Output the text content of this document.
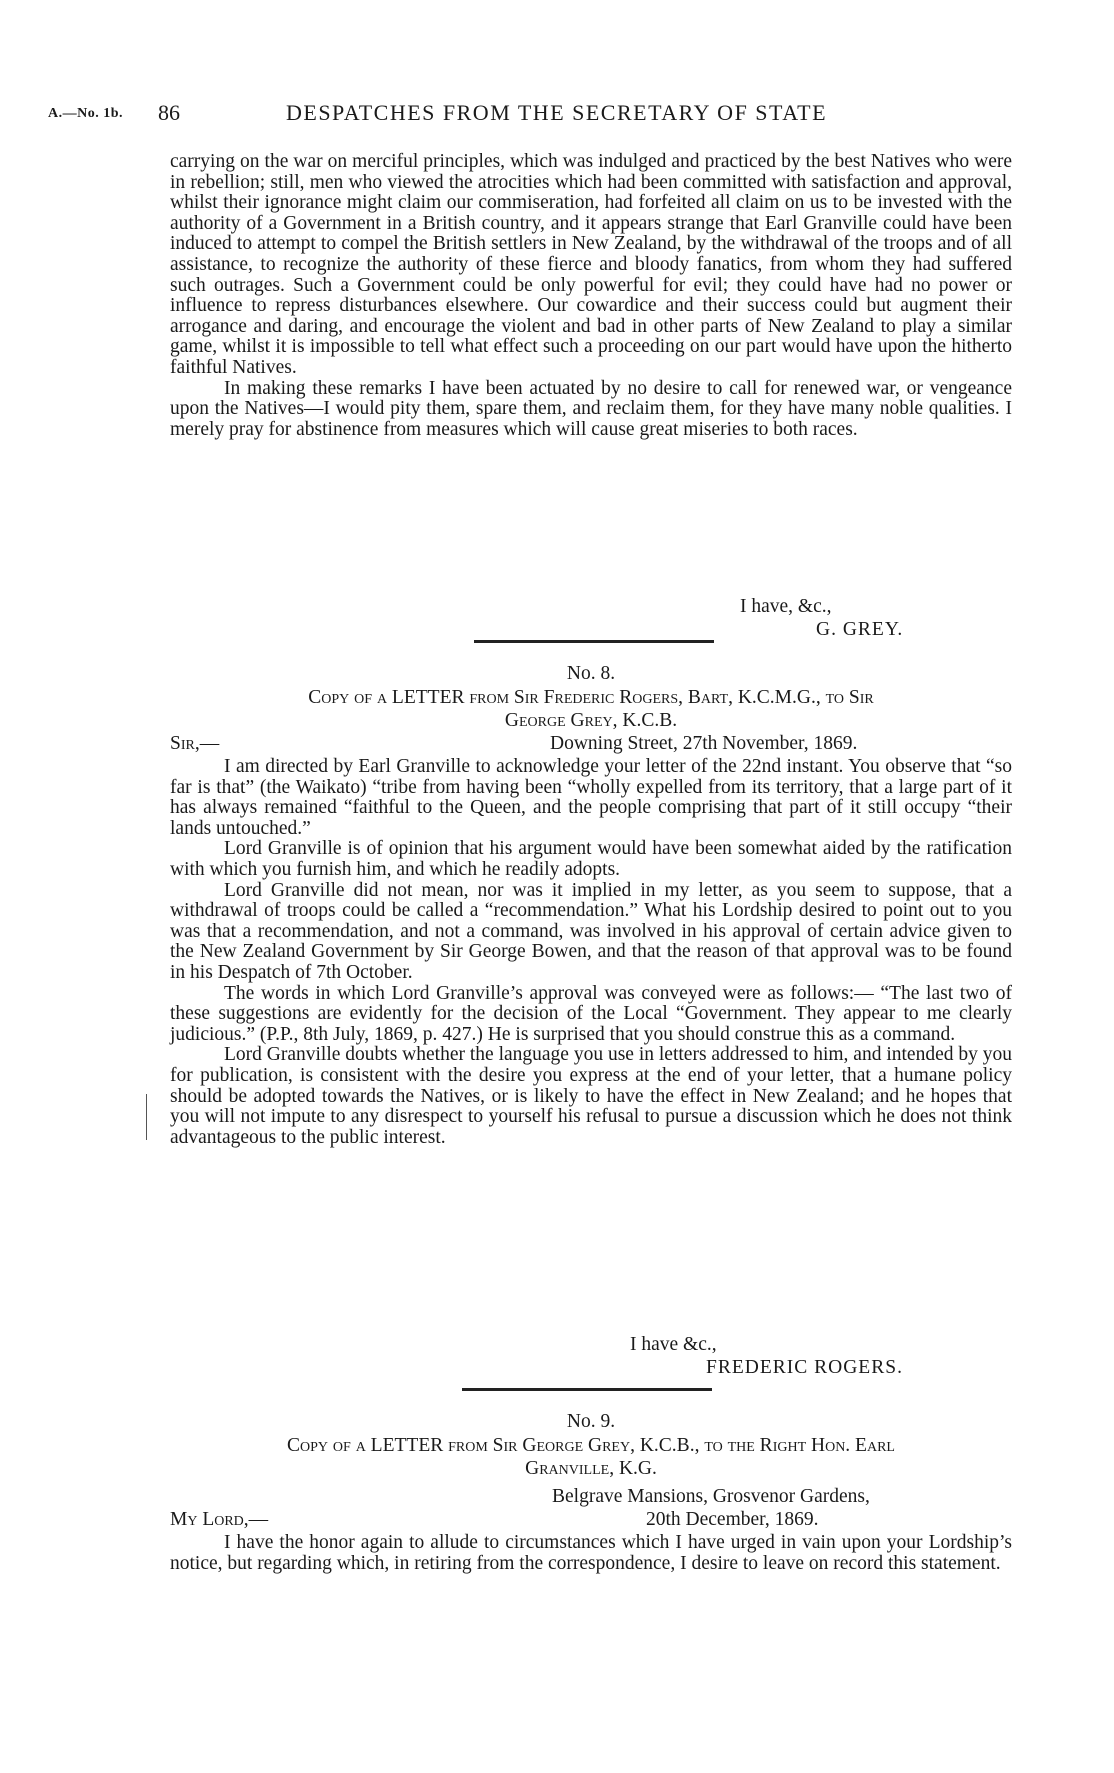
A.—No. 1b. 86	DESPATCHES FROM THE SECRETARY OF STATE

carrying on the war on merciful principles, which was indulged and practiced by the best Natives who were in rebellion; still, men who viewed the atrocities which had been committed with satisfaction and approval, whilst their ignorance might claim our commiseration, had forfeited all claim on us to be invested with the authority of a Government in a British country, and it appears strange that Earl Granville could have been induced to attempt to compel the British settlers in New Zealand, by the withdrawal of the troops and of all assistance, to recognize the authority of these fierce and bloody fanatics, from whom they had suffered such outrages. Such a Government could be only powerful for evil; they could have had no power or influence to repress disturbances elsewhere. Our cowardice and their success could but augment their arrogance and daring, and encourage the violent and bad in other parts of New Zealand to play a similar game, whilst it is impossible to tell what effect such a proceeding on our part would have upon the hitherto faithful Natives.

In making these remarks I have been actuated by no desire to call for renewed war, or vengeance upon the Natives—I would pity them, spare them, and reclaim them, for they have many noble qualities. I merely pray for abstinence from measures which will cause great miseries to both races.

I have, &c.,
G. GREY.
No. 8.
Copy of a LETTER from Sir Frederic Rogers, Bart, K.C.M.G., to Sir
George Grey, K.C.B.
Sir,—	Downing Street, 27th November, 1869.

I am directed by Earl Granville to acknowledge your letter of the 22nd instant. You observe that “so far is that” (the Waikato) “tribe from having been “wholly expelled from its territory, that a large part of it has always remained “faithful to the Queen, and the people comprising that part of it still occupy “their lands untouched.”

Lord Granville is of opinion that his argument would have been somewhat aided by the ratification with which you furnish him, and which he readily adopts.

Lord Granville did not mean, nor was it implied in my letter, as you seem to suppose, that a withdrawal of troops could be called a “recommendation.” What his Lordship desired to point out to you was that a recommendation, and not a command, was involved in his approval of certain advice given to the New Zealand Government by Sir George Bowen, and that the reason of that approval was to be found in his Despatch of 7th October.

The words in which Lord Granville’s approval was conveyed were as follows:— “The last two of these suggestions are evidently for the decision of the Local “Government. They appear to me clearly judicious.” (P.P., 8th July, 1869, p. 427.) He is surprised that you should construe this as a command.

Lord Granville doubts whether the language you use in letters addressed to him, and intended by you for publication, is consistent with the desire you express at the end of your letter, that a humane policy should be adopted towards the Natives, or is likely to have the effect in New Zealand; and he hopes that you will not impute to any disrespect to yourself his refusal to pursue a discussion which he does not think advantageous to the public interest.

I have &c.,
FREDERIC ROGERS.
No. 9.
Copy of a LETTER from Sir George Grey, K.C.B., to the Right Hon. Earl
Granville, K.G.
Belgrave Mansions, Grosvenor Gardens,
My Lord,—	20th December, 1869.

I have the honor again to allude to circumstances which I have urged in vain upon your Lordship’s notice, but regarding which, in retiring from the correspondence, I desire to leave on record this statement.
